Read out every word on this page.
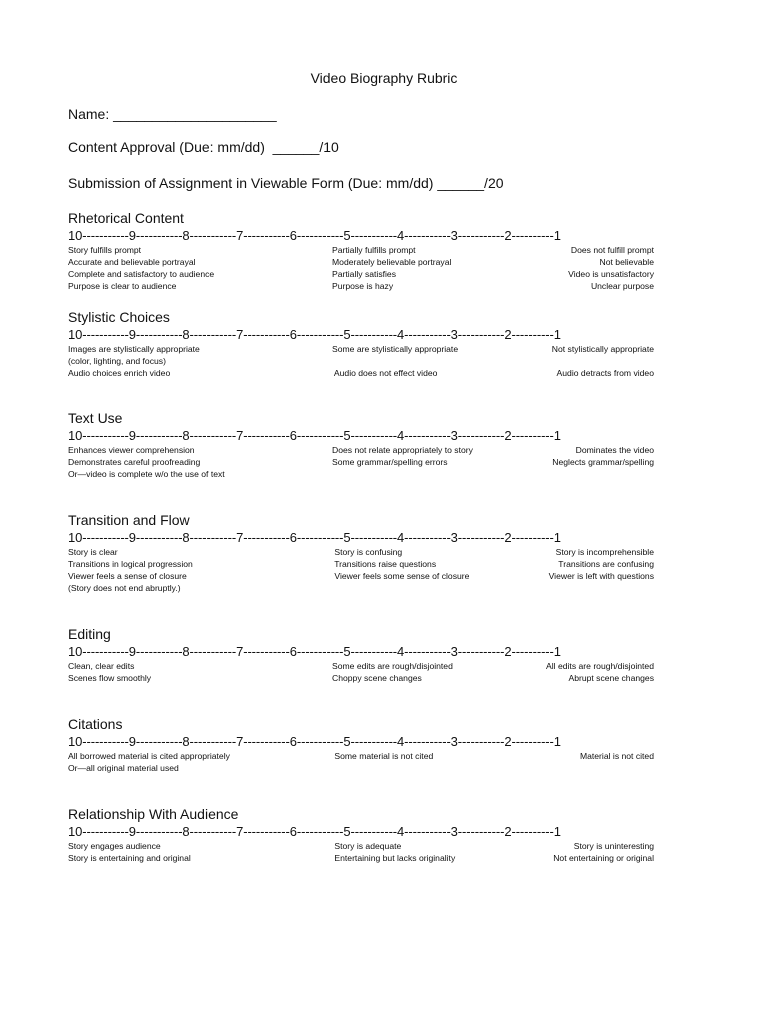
Video Biography Rubric
Name: _____________________
Content Approval (Due: mm/dd)  ______/10
Submission of Assignment in Viewable Form (Due: mm/dd) ______/20
Rhetorical Content
10-----------9-----------8-----------7-----------6-----------5-----------4-----------3-----------2----------1
Story fulfills prompt	Partially fulfills prompt	Does not fulfill prompt
Accurate and believable portrayal	Moderately believable portrayal	Not believable
Complete and satisfactory to audience	Partially satisfies	Video is unsatisfactory
Purpose is clear to audience	Purpose is hazy	Unclear purpose
Stylistic Choices
10-----------9-----------8-----------7-----------6-----------5-----------4-----------3-----------2----------1
Images are stylistically appropriate	Some are stylistically appropriate	Not stylistically appropriate
(color, lighting, and focus)
Audio choices enrich video	Audio does not effect video	Audio detracts from video
Text Use
10-----------9-----------8-----------7-----------6-----------5-----------4-----------3-----------2----------1
Enhances viewer comprehension	Does not relate appropriately to story	Dominates the video
Demonstrates careful proofreading	Some grammar/spelling errors	Neglects grammar/spelling
Or—video is complete w/o the use of text
Transition and Flow
10-----------9-----------8-----------7-----------6-----------5-----------4-----------3-----------2----------1
Story is clear	Story is confusing	Story is incomprehensible
Transitions in logical progression	Transitions raise questions	Transitions are confusing
Viewer feels a sense of closure	Viewer feels some sense of closure	Viewer is left with questions
(Story does not end abruptly.)
Editing
10-----------9-----------8-----------7-----------6-----------5-----------4-----------3-----------2----------1
Clean, clear edits	Some edits are rough/disjointed	All edits are rough/disjointed
Scenes flow smoothly	Choppy scene changes	Abrupt scene changes
Citations
10-----------9-----------8-----------7-----------6-----------5-----------4-----------3-----------2----------1
All borrowed material is cited appropriately	Some material is not cited	Material is not cited
Or—all original material used
Relationship With Audience
10-----------9-----------8-----------7-----------6-----------5-----------4-----------3-----------2----------1
Story engages audience	Story is adequate	Story is uninteresting
Story is entertaining and original	Entertaining but lacks originality	Not entertaining or original
